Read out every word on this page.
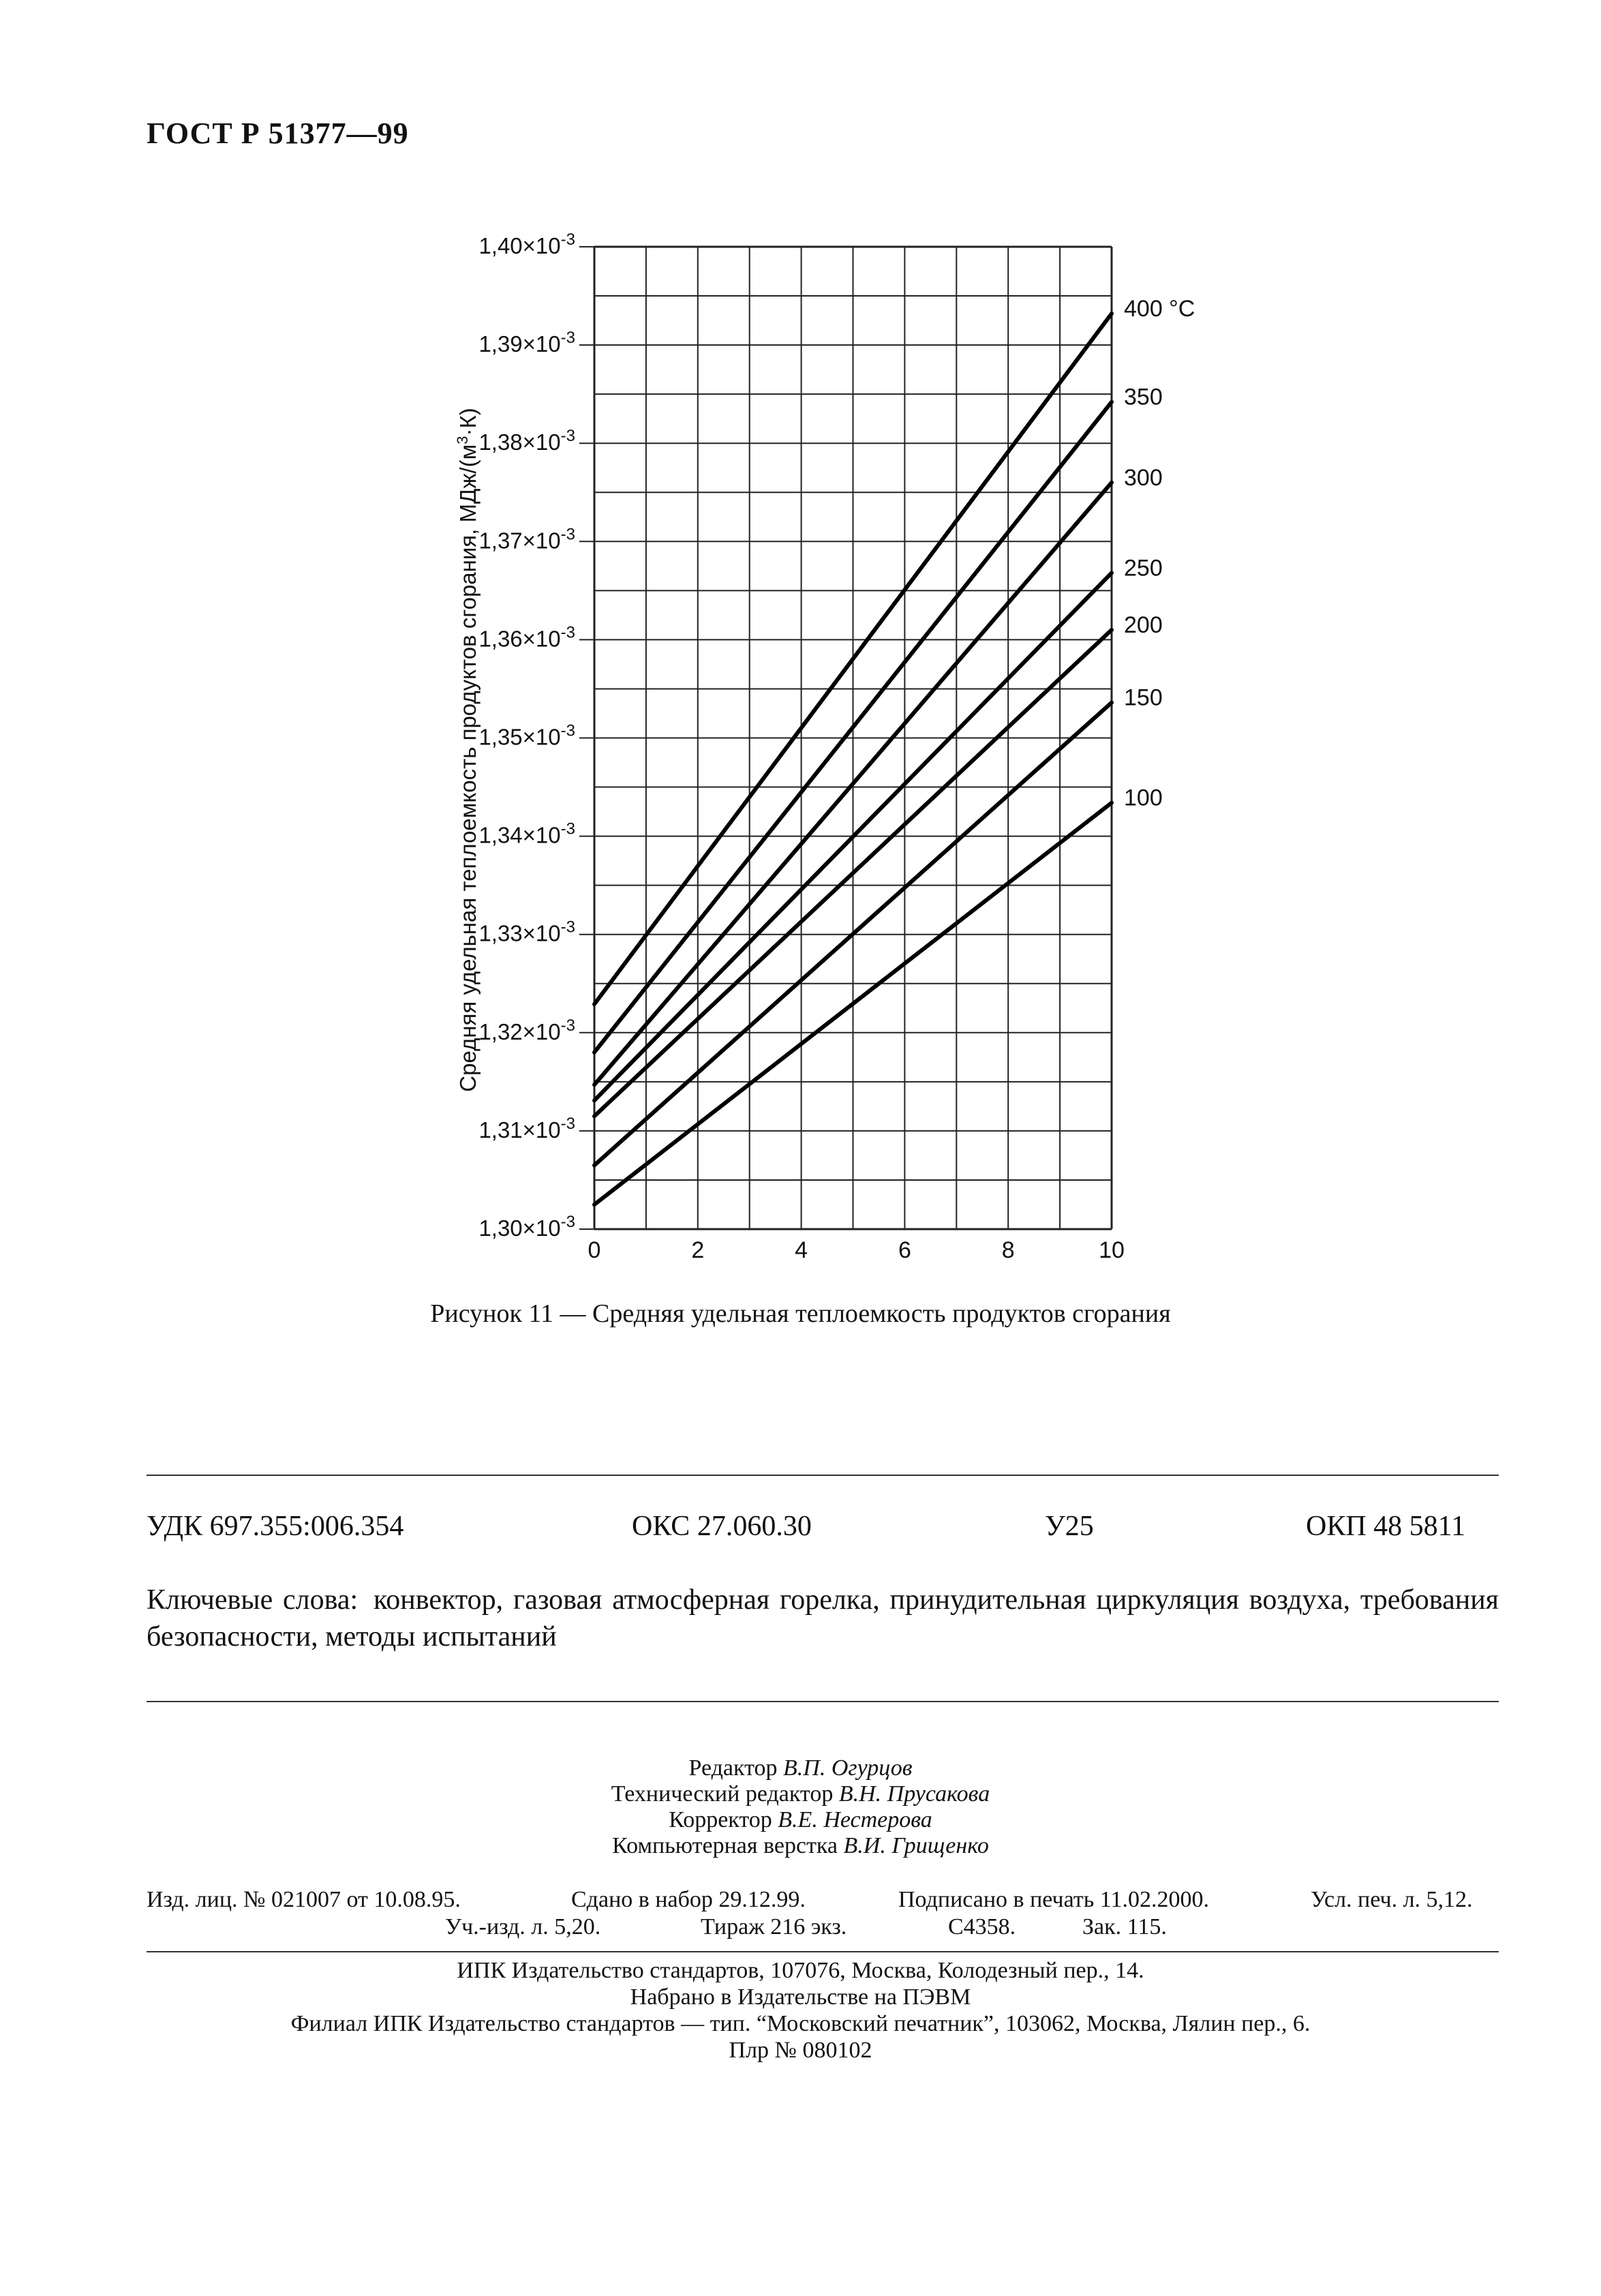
ГОСТ Р 51377—99
$1,30\times 10^{-3}$
$1,31\times 10^{-3}$
$1,32\times 10^{-3}$
$1,33\times 10^{-3}$
$1,34\times 10^{-3}$
$1,35\times 10^{-3}$
$1,36\times 10^{-3}$
$1,37\times 10^{-3}$
$1,38\times 10^{-3}$
$1,39\times 10^{-3}$
$1,40\times 10^{-3}$
0	2	4	6	8	10
400 °C
350
300
250
200
150
100
Средняя удельная теплоемкость продуктов сгорания, МДж/$(м^3\cdot К)$
Рисунок 11 — Средняя удельная теплоемкость продуктов сгорания
УДК 697.355:006.354	ОКС 27.060.30	У25	ОКП 48 5811
Ключевые слова: конвектор, газовая атмосферная горелка, принудительная циркуляция воздуха, требования безопасности, методы испытаний
Редактор В.П. Огурцов
Технический редактор В.Н. Прусакова
Корректор В.Е. Нестерова
Компьютерная верстка В.И. Грищенко
Изд. лиц. № 021007 от 10.08.95.	Сдано в набор 29.12.99.	Подписано в печать 11.02.2000.	Усл. печ. л. 5,12.
Уч.-изд. л. 5,20.	Тираж 216 экз.	С4358.	Зак. 115.
ИПК Издательство стандартов, 107076, Москва, Колодезный пер., 14.
Набрано в Издательстве на ПЭВМ
Филиал ИПК Издательство стандартов — тип. “Московский печатник”, 103062, Москва, Лялин пер., 6.
Плр № 080102
